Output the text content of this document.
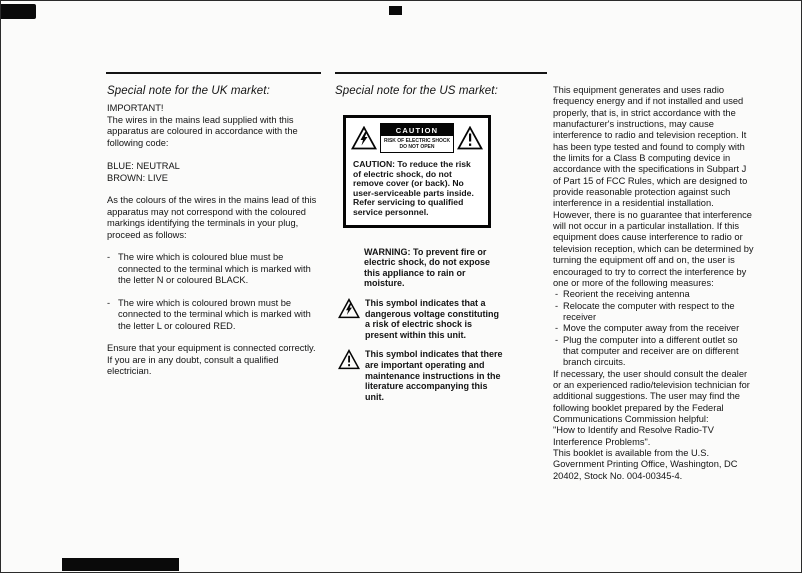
Special note for the UK market:

IMPORTANT!

The wires in the mains lead supplied with this apparatus are coloured in accordance with the following code:

BLUE: NEUTRAL

BROWN: LIVE

As the colours of the wires in the mains lead of this apparatus may not correspond with the coloured markings identifying the terminals in your plug, proceed as follows:

- The wire which is coloured blue must be connected to the terminal which is marked with the letter N or coloured BLACK.
- The wire which is coloured brown must be connected to the terminal which is marked with the letter L or coloured RED.

Ensure that your equipment is connected correctly. If you are in any doubt, consult a qualified electrician.

Special note for the US market:
CAUTION
RISK OF ELECTRIC SHOCK DO NOT OPEN
CAUTION: To reduce the risk of electric shock, do not remove cover (or back). No user-serviceable parts inside. Refer servicing to qualified service personnel.
WARNING: To prevent fire or electric shock, do not expose this appliance to rain or moisture.
This symbol indicates that a dangerous voltage constituting a risk of electric shock is present within this unit.
This symbol indicates that there are important operating and maintenance instructions in the literature accompanying this unit.

This equipment generates and uses radio frequency energy and if not installed and used properly, that is, in strict accordance with the manufacturer's instructions, may cause interference to radio and television reception. It has been type tested and found to comply with the limits for a Class B computing device in accordance with the specifications in Subpart J of Part 15 of FCC Rules, which are designed to provide reasonable protection against such interference in a residential installation. However, there is no guarantee that interference will not occur in a particular installation. If this equipment does cause interference to radio or television reception, which can be determined by turning the equipment off and on, the user is encouraged to try to correct the interference by one or more of the following measures:

- Reorient the receiving antenna
- Relocate the computer with respect to the receiver
- Move the computer away from the receiver
- Plug the computer into a different outlet so that computer and receiver are on different branch circuits.

If necessary, the user should consult the dealer or an experienced radio/television technician for additional suggestions. The user may find the following booklet prepared by the Federal Communications Commission helpful:

"How to Identify and Resolve Radio-TV Interference Problems".

This booklet is available from the U.S. Government Printing Office, Washington, DC 20402, Stock No. 004-00345-4.
